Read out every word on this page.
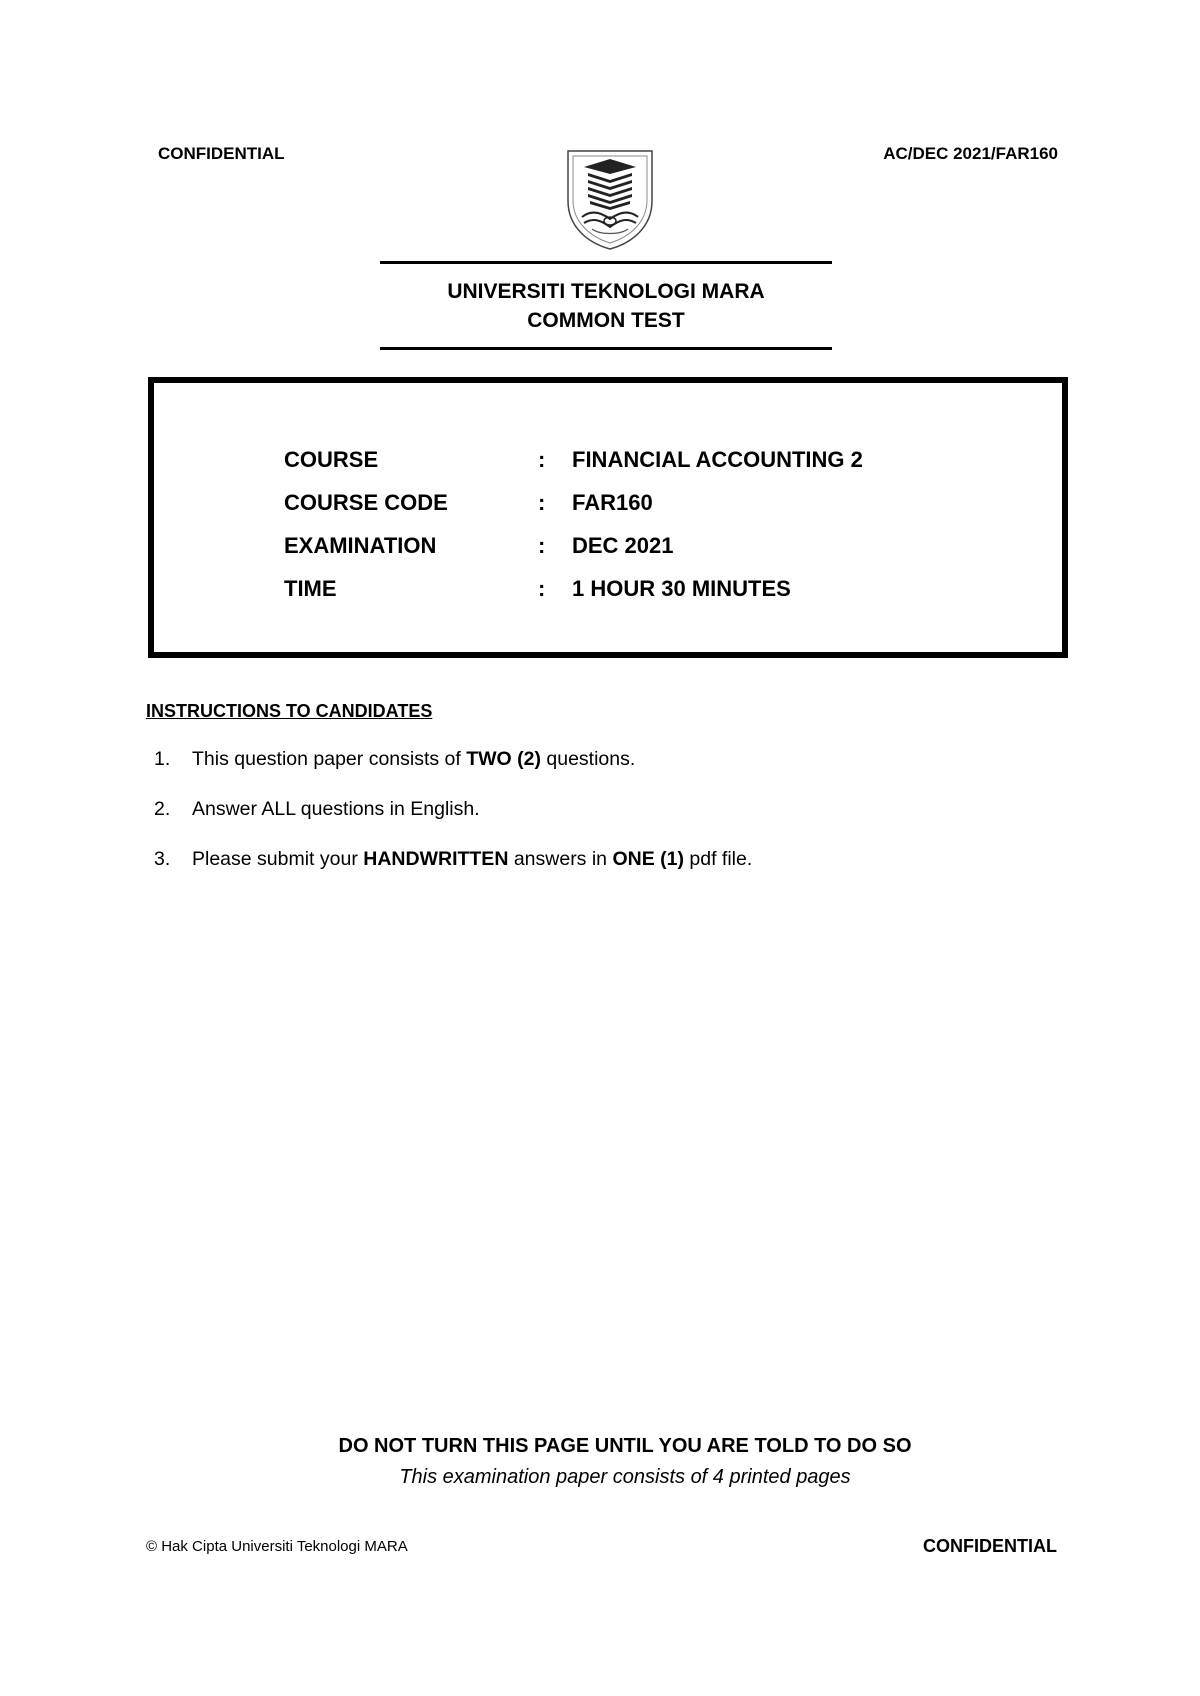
CONFIDENTIAL	AC/DEC 2021/FAR160
UNIVERSITI TEKNOLOGI MARA
COMMON TEST
COURSE	: FINANCIAL ACCOUNTING 2
COURSE CODE	: FAR160
EXAMINATION	: DEC 2021
TIME	: 1 HOUR 30 MINUTES
INSTRUCTIONS TO CANDIDATES
1. This question paper consists of TWO (2) questions.
2. Answer ALL questions in English.
3. Please submit your HANDWRITTEN answers in ONE (1) pdf file.
DO NOT TURN THIS PAGE UNTIL YOU ARE TOLD TO DO SO
This examination paper consists of 4 printed pages
© Hak Cipta Universiti Teknologi MARA	CONFIDENTIAL
